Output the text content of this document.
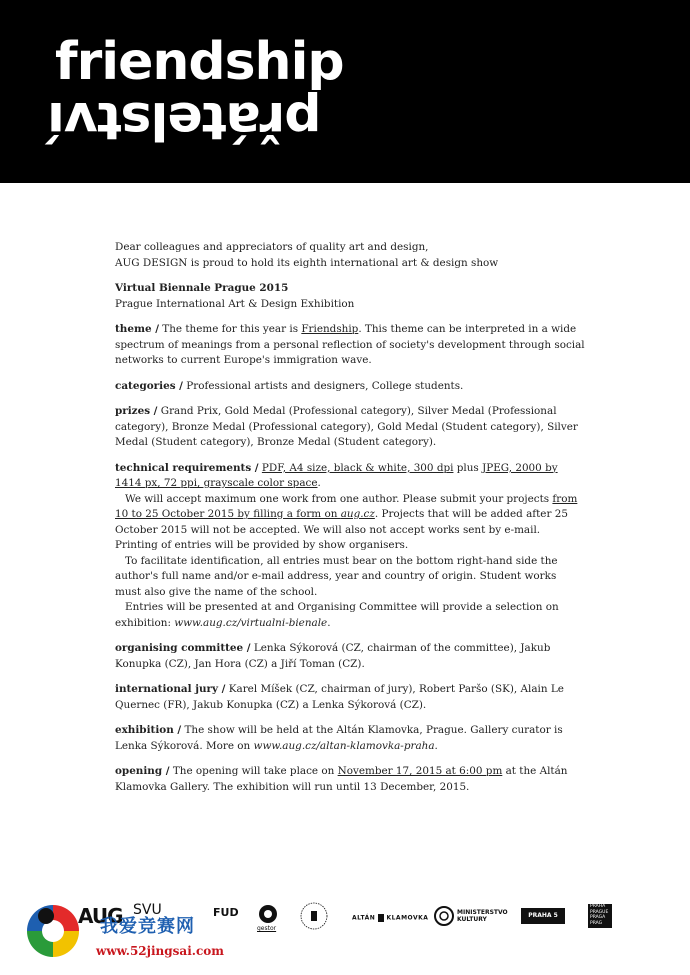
friendship
přátelství

Dear colleagues and appreciators of quality art and design,
AUG DESIGN is proud to hold its eighth international art & design show

Virtual Biennale Prague 2015
Prague International Art & Design Exhibition

theme / The theme for this year is Friendship. This theme can be interpreted in a wide spectrum of meanings from a personal reflection of society's development through social networks to current Europe's immigration wave.

categories / Professional artists and designers, College students.

prizes / Grand Prix, Gold Medal (Professional category), Silver Medal (Professional category), Bronze Medal (Professional category), Gold Medal (Student category), Silver Medal (Student category), Bronze Medal (Student category).

technical requirements / PDF, A4 size, black & white, 300 dpi plus JPEG, 2000 by 1414 px, 72 ppi, grayscale color space.
We will accept maximum one work from one author. Please submit your projects from 10 to 25 October 2015 by filling a form on aug.cz. Projects that will be added after 25 October 2015 will not be accepted. We will also not accept works sent by e-mail. Printing of entries will be provided by show organisers.
To facilitate identification, all entries must bear on the bottom right-hand side the author's full name and/or e-mail address, year and country of origin. Student works must also give the name of the school.
Entries will be presented at and Organising Committee will provide a selection on exhibition: www.aug.cz/virtualni-bienale.

organising committee / Lenka Sýkorová (CZ, chairman of the committee), Jakub Konupka (CZ), Jan Hora (CZ) a Jiří Toman (CZ).

international jury / Karel Míšek (CZ, chairman of jury), Robert Paršo (SK), Alain Le Quernec (FR), Jakub Konupka (CZ) a Lenka Sýkorová (CZ).

exhibition / The show will be held at the Altán Klamovka, Prague. Gallery curator is Lenka Sýkorová. More on www.aug.cz/altan-klamovka-praha.

opening / The opening will take place on November 17, 2015 at 6:00 pm at the Altán Klamovka Gallery. The exhibition will run until 13 December, 2015.

AUG SVU	FUD
gestor
ALTÁN KLAMOVKA
MINISTERSTVO
KULTURY
PRAHA 5
PRAHA
PRAGUE
PRAGA
PRAG
我爱竞赛网
www.52jingsai.com
